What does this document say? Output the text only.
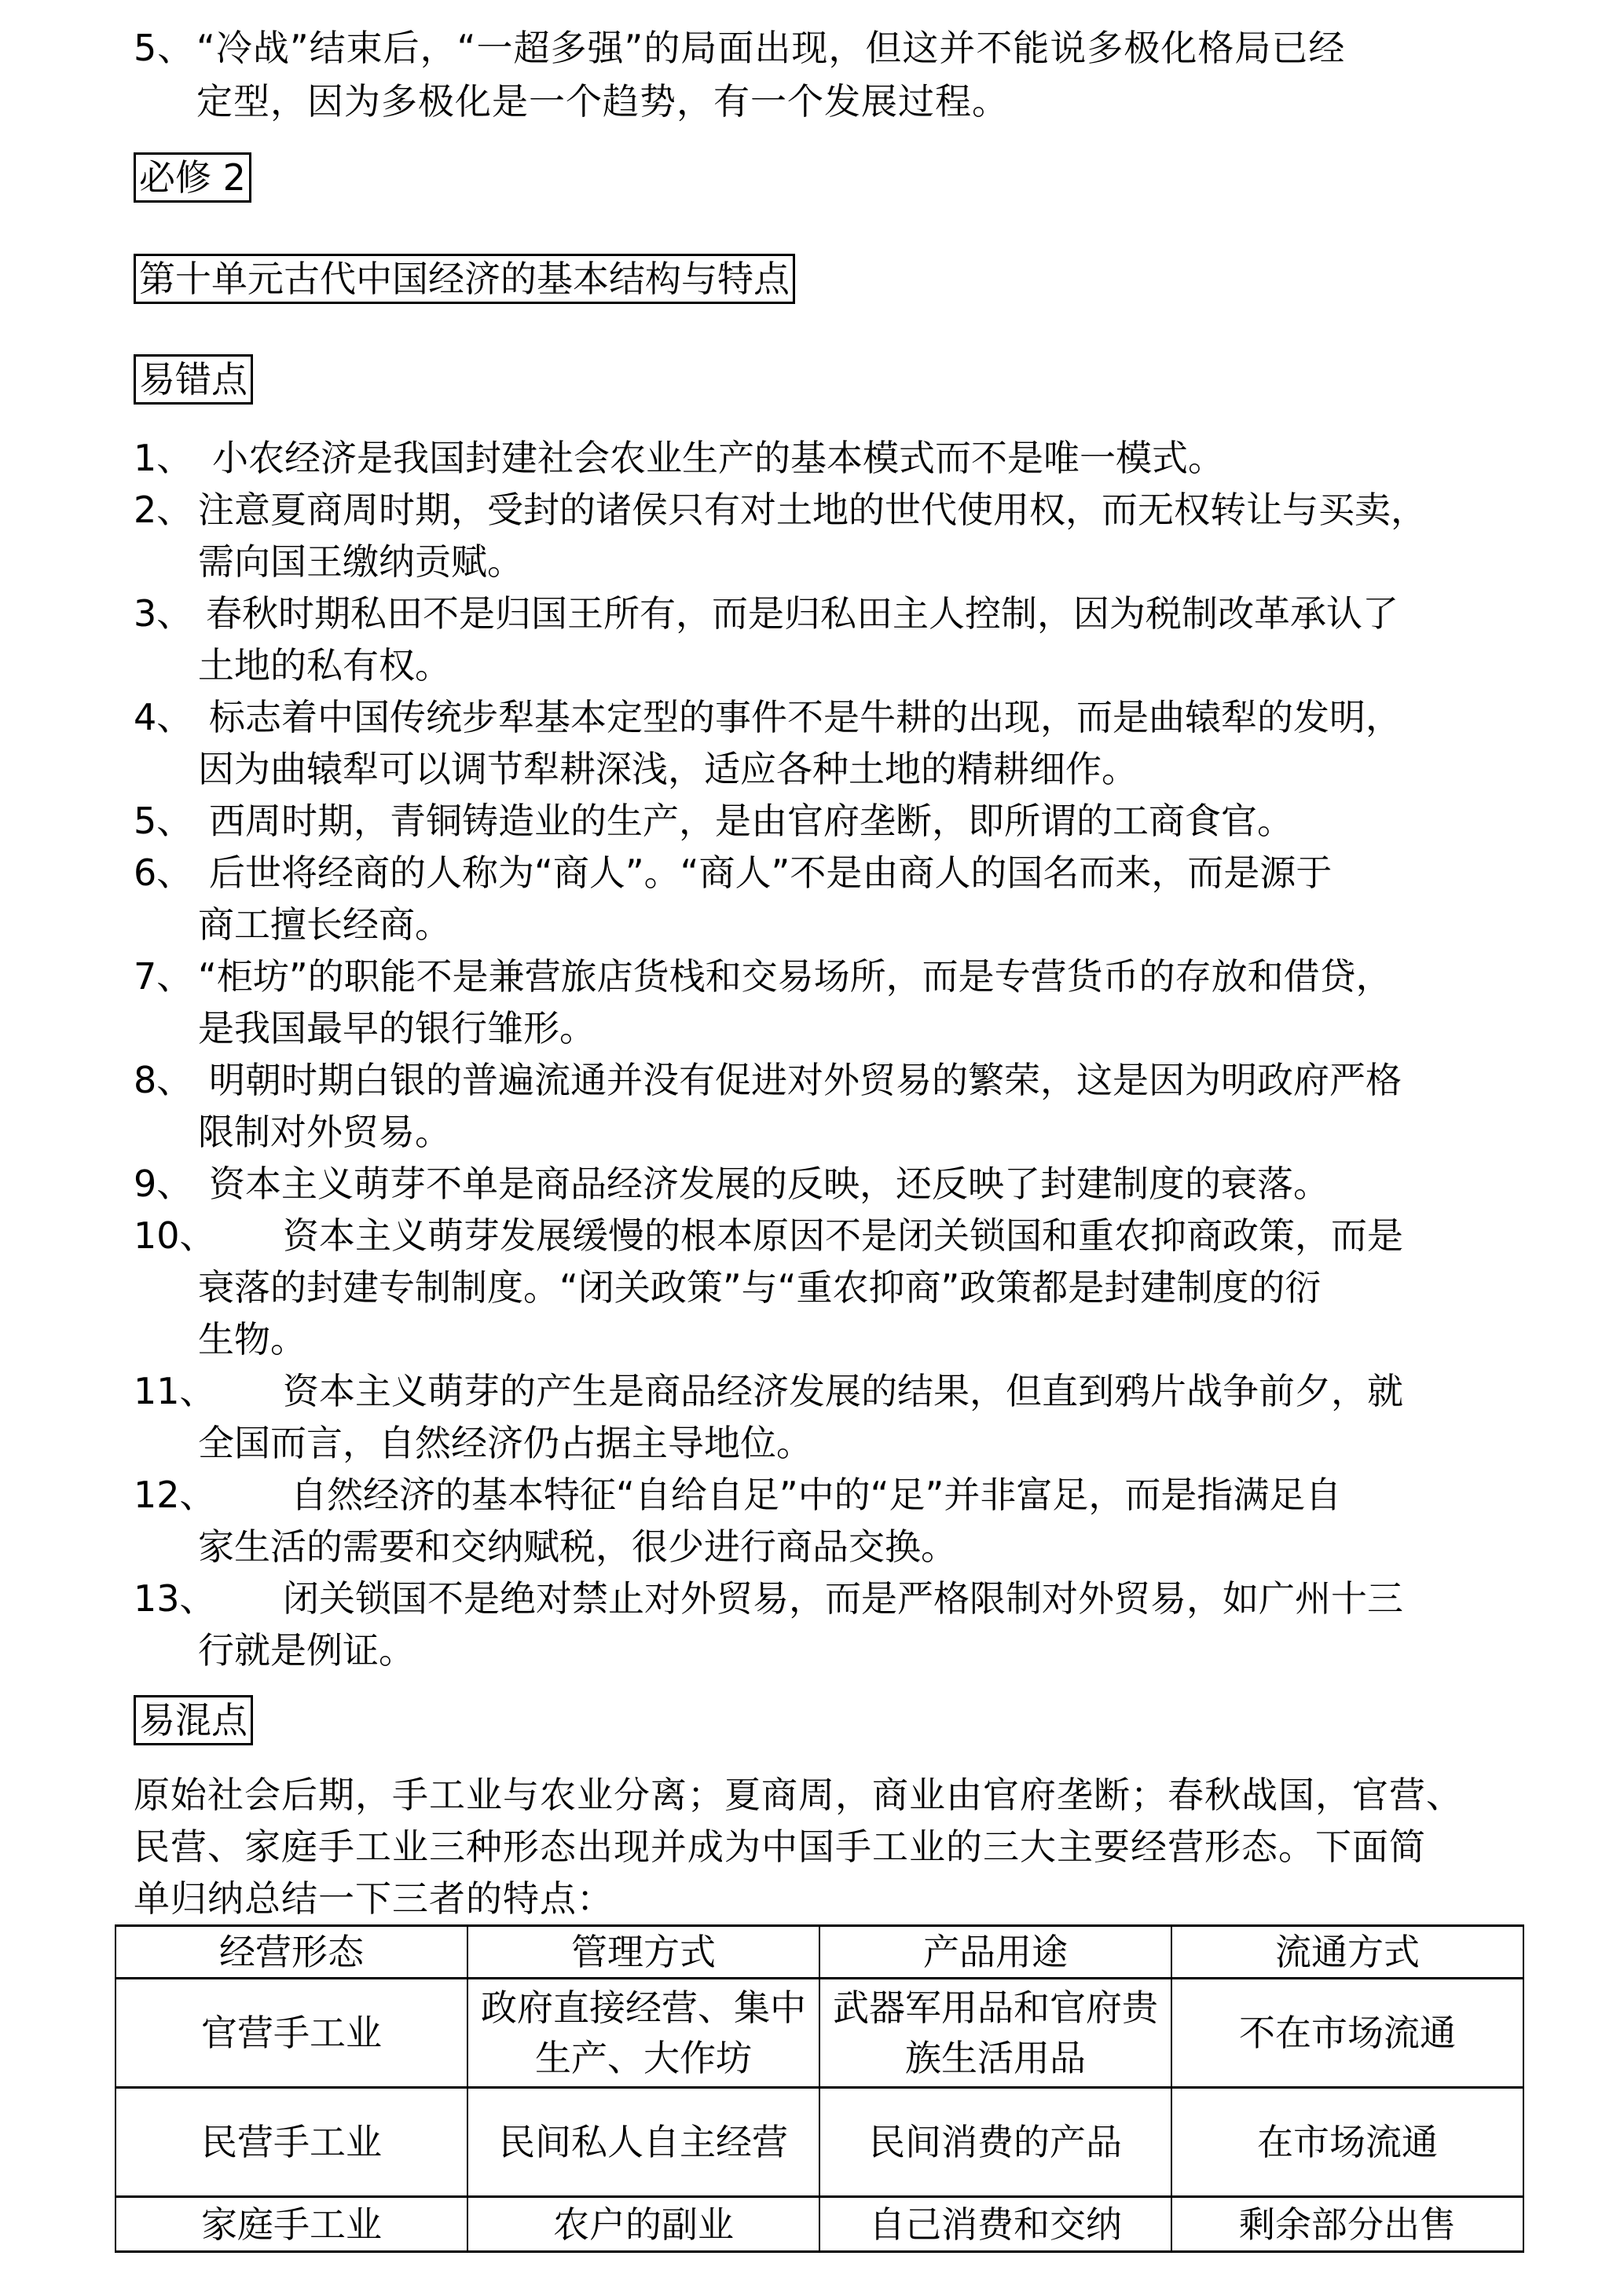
5、 “冷战”结束后，“一超多强”的局面出现，但这并不能说多极化格局已经
定型，因为多极化是一个趋势，有一个发展过程。
必修 2
第十单元古代中国经济的基本结构与特点
易错点
1、 小农经济是我国封建社会农业生产的基本模式而不是唯一模式。
2、 注意夏商周时期，受封的诸侯只有对土地的世代使用权，而无权转让与买卖，
需向国王缴纳贡赋。
3、 春秋时期私田不是归国王所有，而是归私田主人控制，因为税制改革承认了
土地的私有权。
4、 标志着中国传统步犁基本定型的事件不是牛耕的出现，而是曲辕犁的发明，
因为曲辕犁可以调节犁耕深浅，适应各种土地的精耕细作。
5、 西周时期，青铜铸造业的生产，是由官府垄断，即所谓的工商食官。
6、 后世将经商的人称为“商人”。“商人”不是由商人的国名而来，而是源于
商工擅长经商。
7、 “柜坊”的职能不是兼营旅店货栈和交易场所，而是专营货币的存放和借贷，
是我国最早的银行雏形。
8、 明朝时期白银的普遍流通并没有促进对外贸易的繁荣，这是因为明政府严格
限制对外贸易。
9、 资本主义萌芽不单是商品经济发展的反映，还反映了封建制度的衰落。
10、	资本主义萌芽发展缓慢的根本原因不是闭关锁国和重农抑商政策，而是
衰落的封建专制制度。“闭关政策”与“重农抑商”政策都是封建制度的衍
生物。
11、	资本主义萌芽的产生是商品经济发展的结果，但直到鸦片战争前夕，就
全国而言，自然经济仍占据主导地位。
12、	自然经济的基本特征“自给自足”中的“足”并非富足，而是指满足自
家生活的需要和交纳赋税，很少进行商品交换。
13、	闭关锁国不是绝对禁止对外贸易，而是严格限制对外贸易，如广州十三
行就是例证。
易混点
原始社会后期，手工业与农业分离；夏商周，商业由官府垄断；春秋战国，官营、
民营、家庭手工业三种形态出现并成为中国手工业的三大主要经营形态。下面简
单归纳总结一下三者的特点：
经营形态	管理方式	产品用途	流通方式
官营手工业	政府直接经营、集中生产、大作坊	武器军用品和官府贵族生活用品	不在市场流通
民营手工业	民间私人自主经营	民间消费的产品	在市场流通
家庭手工业	农户的副业	自己消费和交纳	剩余部分出售
